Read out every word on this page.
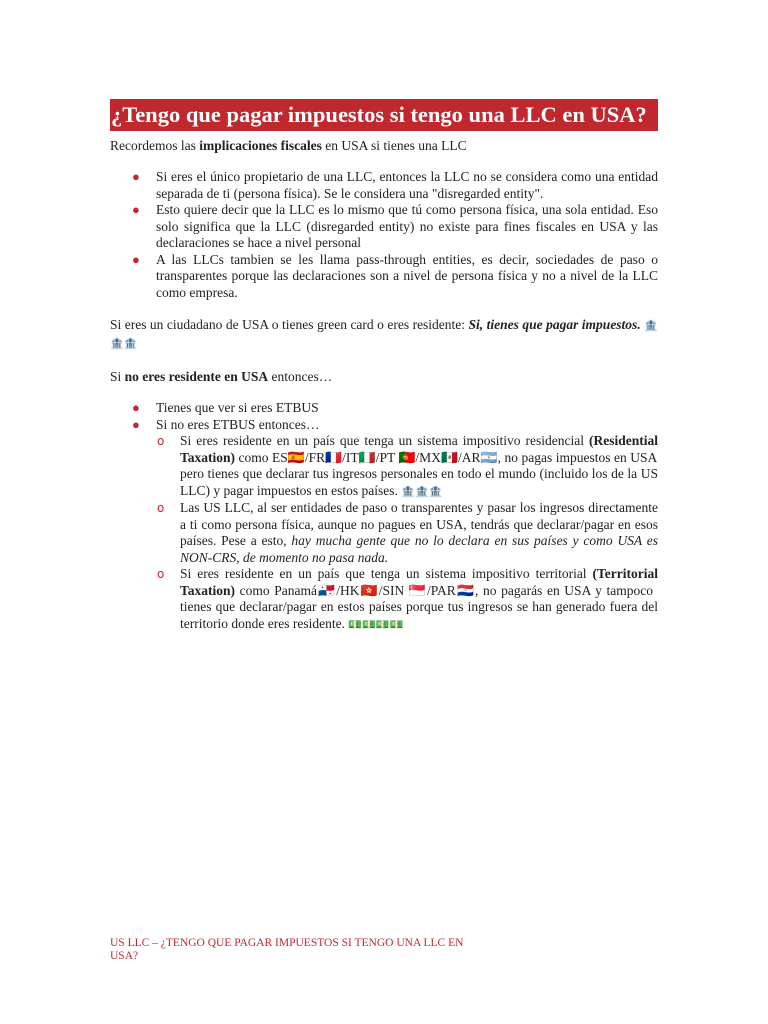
¿Tengo que pagar impuestos si tengo una LLC en USA?

Recordemos las implicaciones fiscales en USA si tienes una LLC

● Si eres el único propietario de una LLC, entonces la LLC no se considera como una entidad separada de ti (persona física). Se le considera una "disregarded entity".
● Esto quiere decir que la LLC es lo mismo que tú como persona física, una sola entidad. Eso solo significa que la LLC (disregarded entity) no existe para fines fiscales en USA y las declaraciones se hace a nivel personal
● A las LLCs tambien se les llama pass-through entities, es decir, sociedades de paso o transparentes porque las declaraciones son a nivel de persona física y no a nivel de la LLC como empresa.

Si eres un ciudadano de USA o tienes green card o eres residente: Si, tienes que pagar impuestos. 🏦🏦🏦

Si no eres residente en USA entonces…

● Tienes que ver si eres ETBUS
● Si no eres ETBUS entonces…
o Si eres residente en un país que tenga un sistema impositivo residencial (Residential Taxation) como ES🇪🇸/FR🇫🇷/IT🇮🇹/PT 🇵🇹/MX🇲🇽/AR🇦🇷, no pagas impuestos en USA pero tienes que declarar tus ingresos personales en todo el mundo (incluido los de la US LLC) y pagar impuestos en estos países. 🏦🏦🏦
o Las US LLC, al ser entidades de paso o transparentes y pasar los ingresos directamente a ti como persona física, aunque no pagues en USA, tendrás que declarar/pagar en esos países. Pese a esto, hay mucha gente que no lo declara en sus países y como USA es NON-CRS, de momento no pasa nada.
o Si eres residente en un país que tenga un sistema impositivo territorial (Territorial Taxation) como Panamá🇵🇦/HK🇭🇰/SIN 🇸🇬/PAR🇵🇾, no pagarás en USA y tampoco tienes que declarar/pagar en estos países porque tus ingresos se han generado fuera del territorio donde eres residente. 💵💵💵💵
US LLC – ¿TENGO QUE PAGAR IMPUESTOS SI TENGO UNA LLC EN USA?
